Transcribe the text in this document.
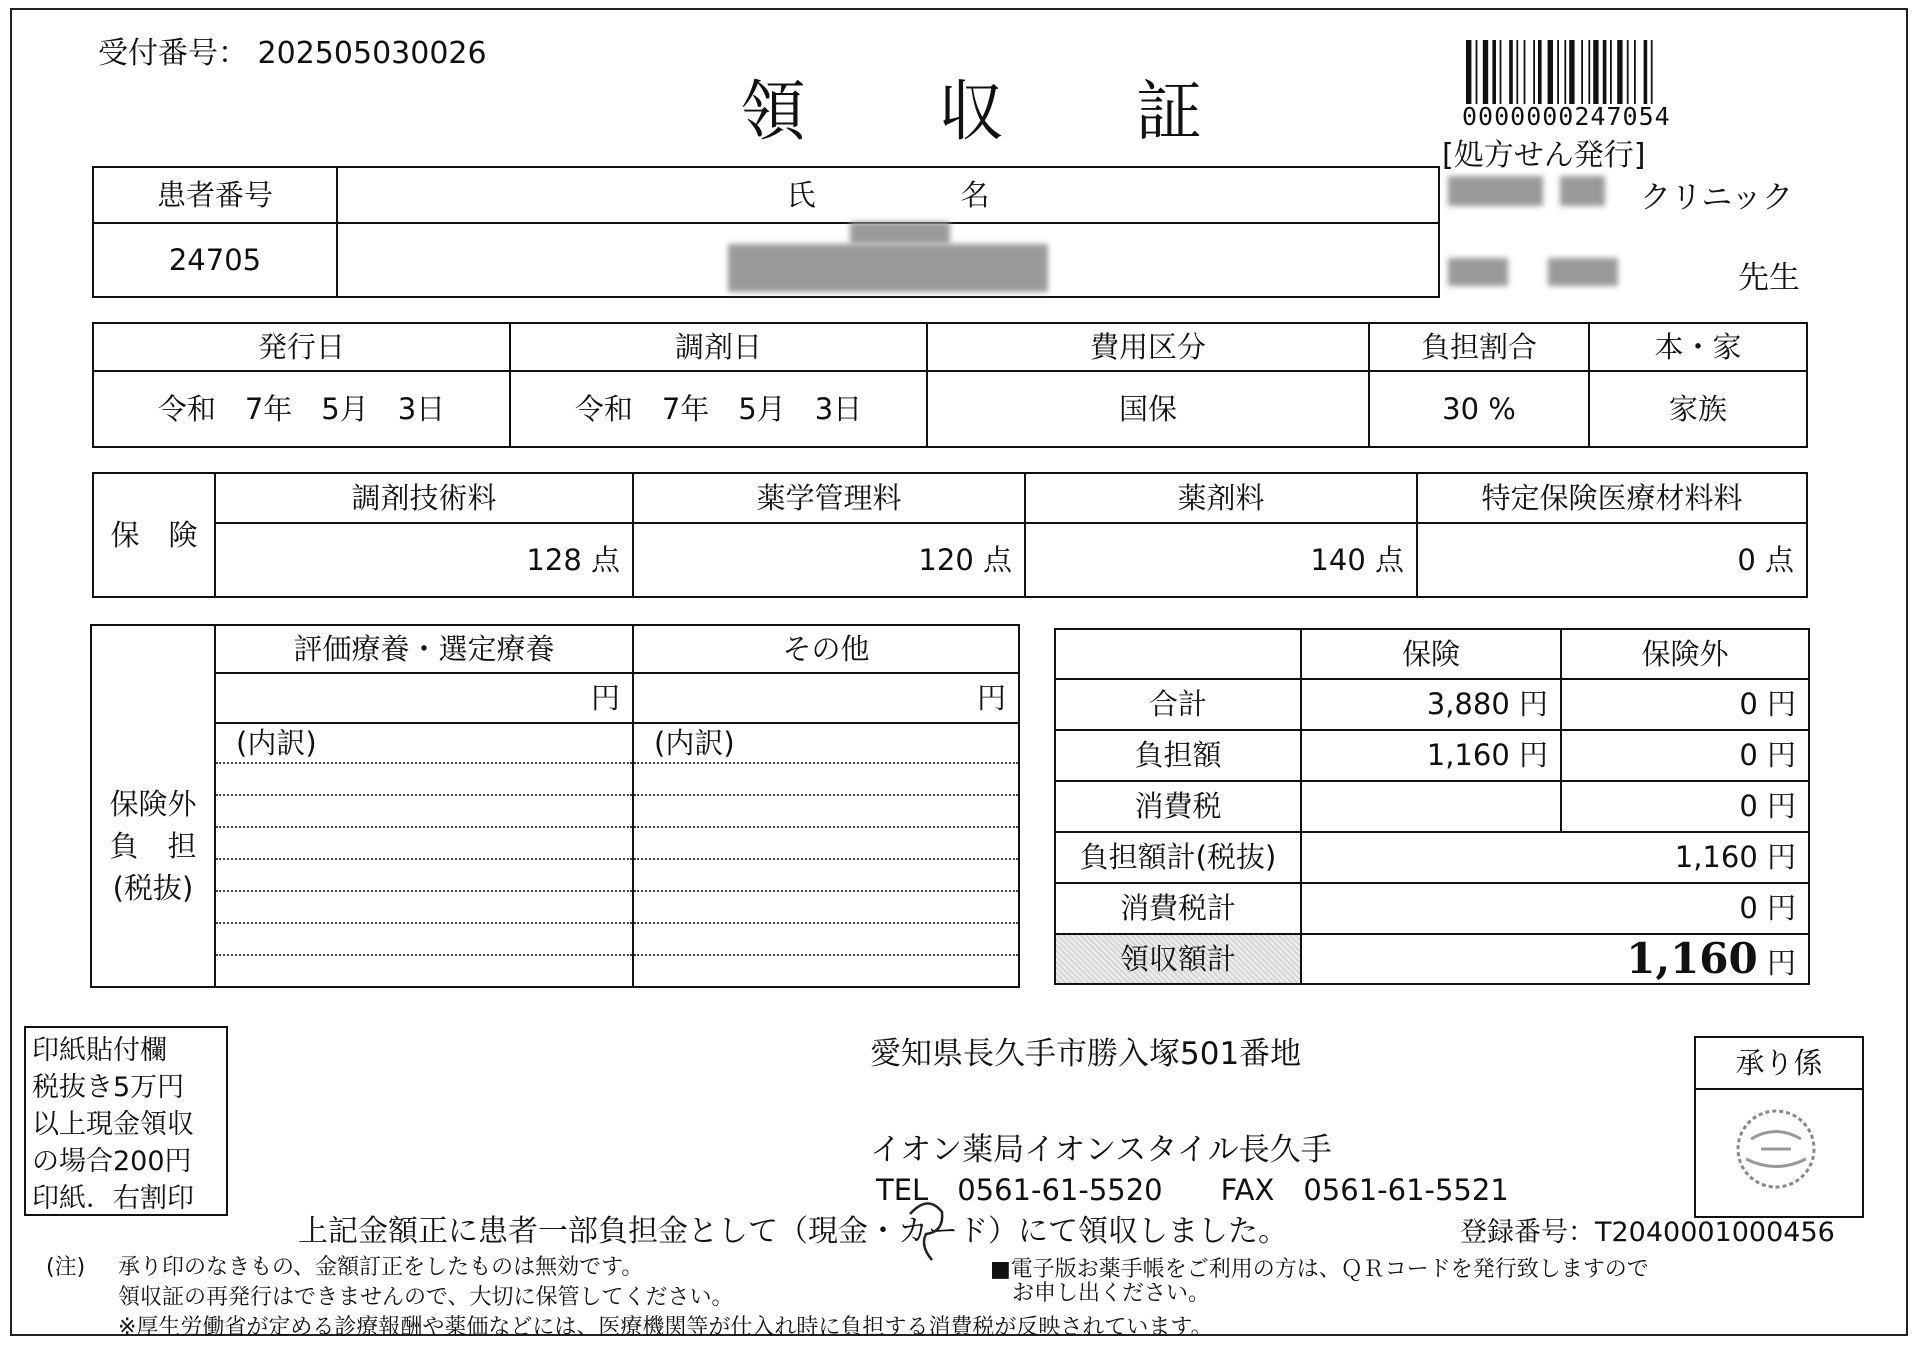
受付番号： 202505030026
領　　収　　証	0000000247054
[処方せん発行]
クリニック
先生
患者番号	氏　　　　　名
24705	
発行日	調剤日	費用区分	負担割合	本・家
令和　7年　5月　3日	令和　7年　5月　3日	国保	30 %	家族
保　険	調剤技術料	薬学管理料	薬剤料	特定保険医療材料料
	128 点	120 点	140 点	0 点
保険外
負　担
(税抜)	評価療養・選定療養	その他
	円	円
	(内訳)	(内訳)

	保険	保険外
合計	3,880 円	0 円
負担額	1,160 円	0 円
消費税		0 円
負担額計(税抜)	1,160 円	
消費税計	0 円	
領収額計	1,160 円	
印紙貼付欄
税抜き5万円
以上現金領収
の場合200円
印紙．右割印
愛知県長久手市勝入塚501番地
イオン薬局イオンスタイル長久手
TEL　0561-61-5520　　FAX　0561-61-5521
承り係
上記金額正に患者一部負担金として（現金・カード）にて領収しました。	登録番号：T2040001000456
(注) 承り印のなきもの、金額訂正をしたものは無効です。
領収証の再発行はできませんので、大切に保管してください。
※厚生労働省が定める診療報酬や薬価などには、医療機関等が仕入れ時に負担する消費税が反映されています。
■電子版お薬手帳をご利用の方は、ＱＲコードを発行致しますので
お申し出ください。
